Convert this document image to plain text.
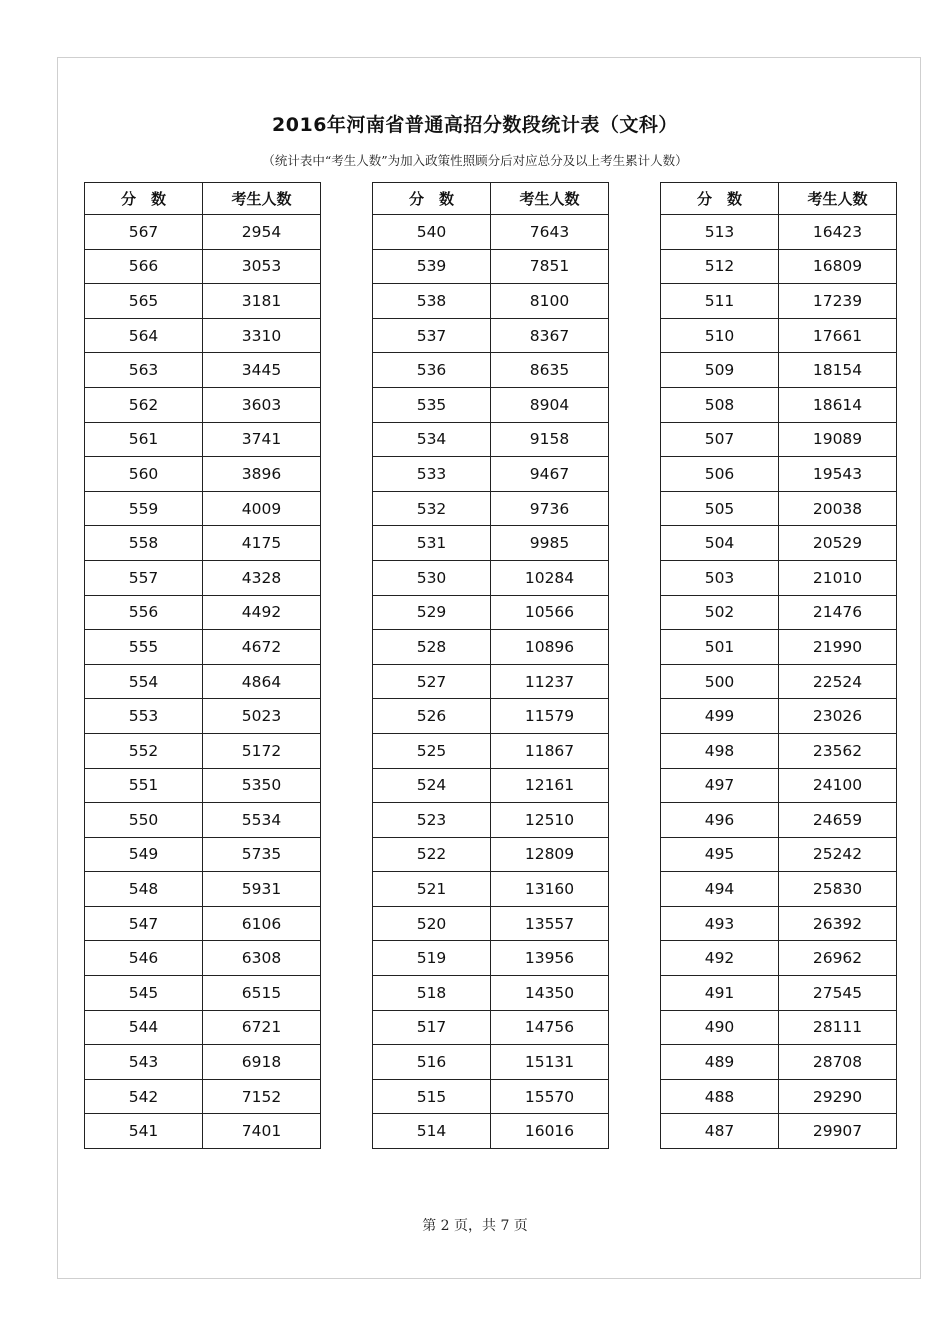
2016年河南省普通高招分数段统计表（文科）
（统计表中“考生人数”为加入政策性照顾分后对应总分及以上考生累计人数）
分　数	考生人数
567	2954
566	3053
565	3181
564	3310
563	3445
562	3603
561	3741
560	3896
559	4009
558	4175
557	4328
556	4492
555	4672
554	4864
553	5023
552	5172
551	5350
550	5534
549	5735
548	5931
547	6106
546	6308
545	6515
544	6721
543	6918
542	7152
541	7401
分　数	考生人数
540	7643
539	7851
538	8100
537	8367
536	8635
535	8904
534	9158
533	9467
532	9736
531	9985
530	10284
529	10566
528	10896
527	11237
526	11579
525	11867
524	12161
523	12510
522	12809
521	13160
520	13557
519	13956
518	14350
517	14756
516	15131
515	15570
514	16016
分　数	考生人数
513	16423
512	16809
511	17239
510	17661
509	18154
508	18614
507	19089
506	19543
505	20038
504	20529
503	21010
502	21476
501	21990
500	22524
499	23026
498	23562
497	24100
496	24659
495	25242
494	25830
493	26392
492	26962
491	27545
490	28111
489	28708
488	29290
487	29907
第 2 页，共 7 页
